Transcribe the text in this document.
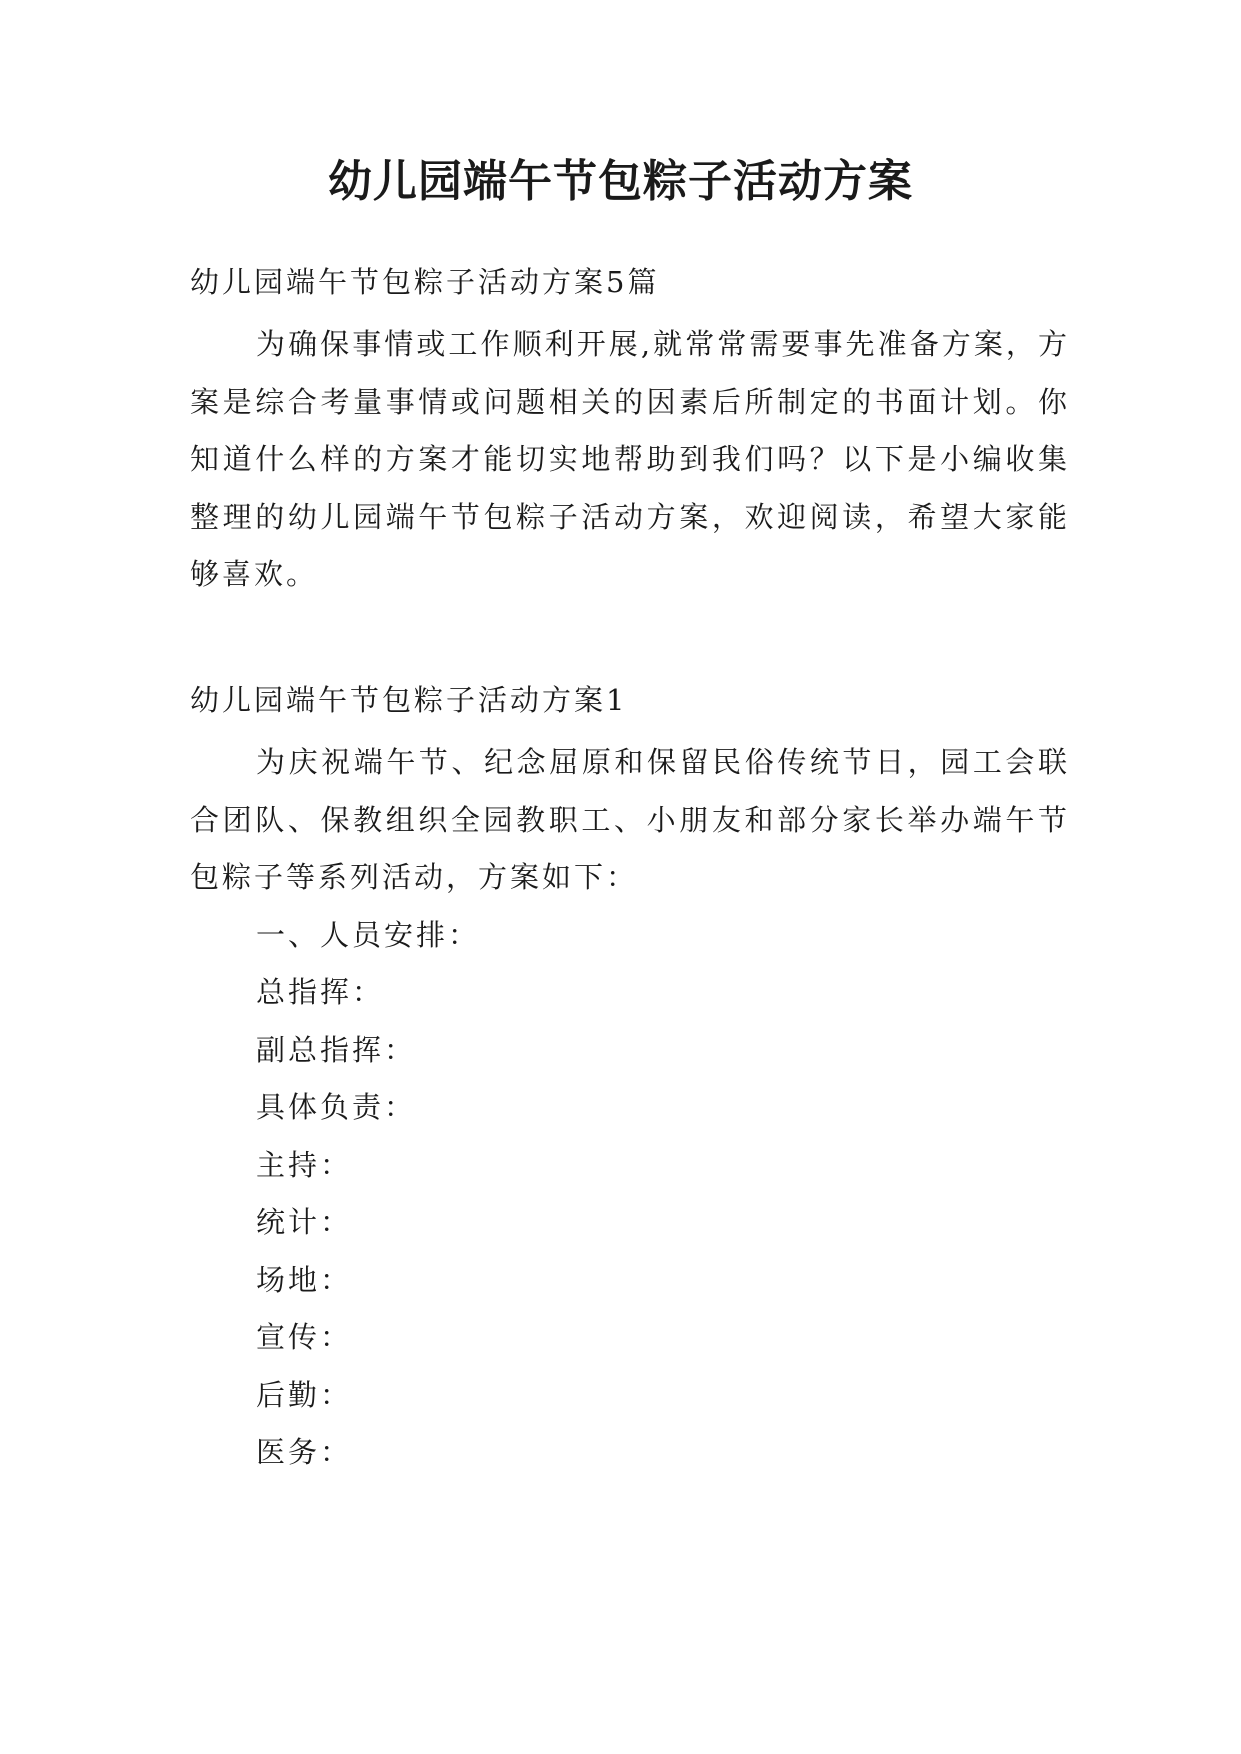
幼儿园端午节包粽子活动方案

幼儿园端午节包粽子活动方案5篇

为确保事情或工作顺利开展,就常常需要事先准备方案，方案是综合考量事情或问题相关的因素后所制定的书面计划。你知道什么样的方案才能切实地帮助到我们吗？以下是小编收集整理的幼儿园端午节包粽子活动方案，欢迎阅读，希望大家能够喜欢。

幼儿园端午节包粽子活动方案1

为庆祝端午节、纪念屈原和保留民俗传统节日，园工会联合团队、保教组织全园教职工、小朋友和部分家长举办端午节包粽子等系列活动，方案如下：

一、人员安排：
总指挥：
副总指挥：
具体负责：
主持：
统计：
场地：
宣传：
后勤：
医务：
